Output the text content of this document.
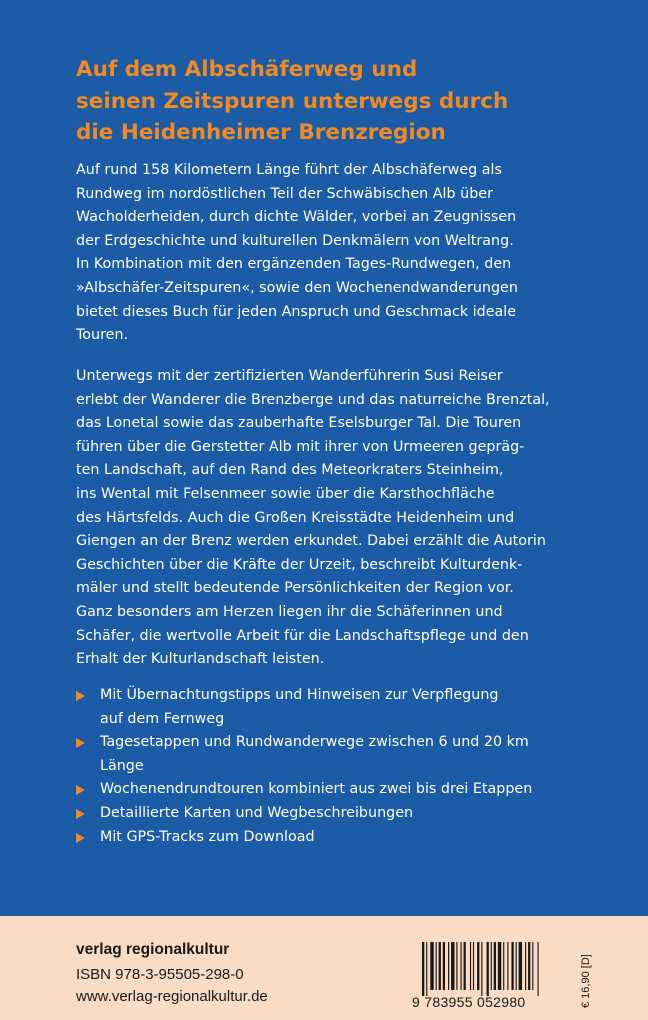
Auf dem Albschäferweg und
seinen Zeitspuren unterwegs durch
die Heidenheimer Brenzregion

Auf rund 158 Kilometern Länge führt der Albschäferweg als
Rundweg im nordöstlichen Teil der Schwäbischen Alb über
Wacholderheiden, durch dichte Wälder, vorbei an Zeugnissen
der Erdgeschichte und kulturellen Denkmälern von Weltrang.
In Kombination mit den ergänzenden Tages-Rundwegen, den
»Albschäfer-Zeitspuren«, sowie den Wochenendwanderungen
bietet dieses Buch für jeden Anspruch und Geschmack ideale
Touren.

Unterwegs mit der zertifizierten Wanderführerin Susi Reiser
erlebt der Wanderer die Brenzberge und das naturreiche Brenztal,
das Lonetal sowie das zauberhafte Eselsburger Tal. Die Touren
führen über die Gerstetter Alb mit ihrer von Urmeeren gepräg-
ten Landschaft, auf den Rand des Meteorkraters Steinheim,
ins Wental mit Felsenmeer sowie über die Karsthochfläche
des Härtsfelds. Auch die Großen Kreisstädte Heidenheim und
Giengen an der Brenz werden erkundet. Dabei erzählt die Autorin
Geschichten über die Kräfte der Urzeit, beschreibt Kulturdenk-
mäler und stellt bedeutende Persönlichkeiten der Region vor.
Ganz besonders am Herzen liegen ihr die Schäferinnen und
Schäfer, die wertvolle Arbeit für die Landschaftspflege und den
Erhalt der Kulturlandschaft leisten.

Mit Übernachtungstipps und Hinweisen zur Verpflegung
auf dem Fernweg
Tagesetappen und Rundwanderwege zwischen 6 und 20 km
Länge
Wochenendrundtouren kombiniert aus zwei bis drei Etappen
Detaillierte Karten und Wegbeschreibungen
Mit GPS-Tracks zum Download

verlag regionalkultur

ISBN 978-3-95505-298-0

www.verlag-regionalkultur.de	9 783955 052980	€ 16,90 [D]
